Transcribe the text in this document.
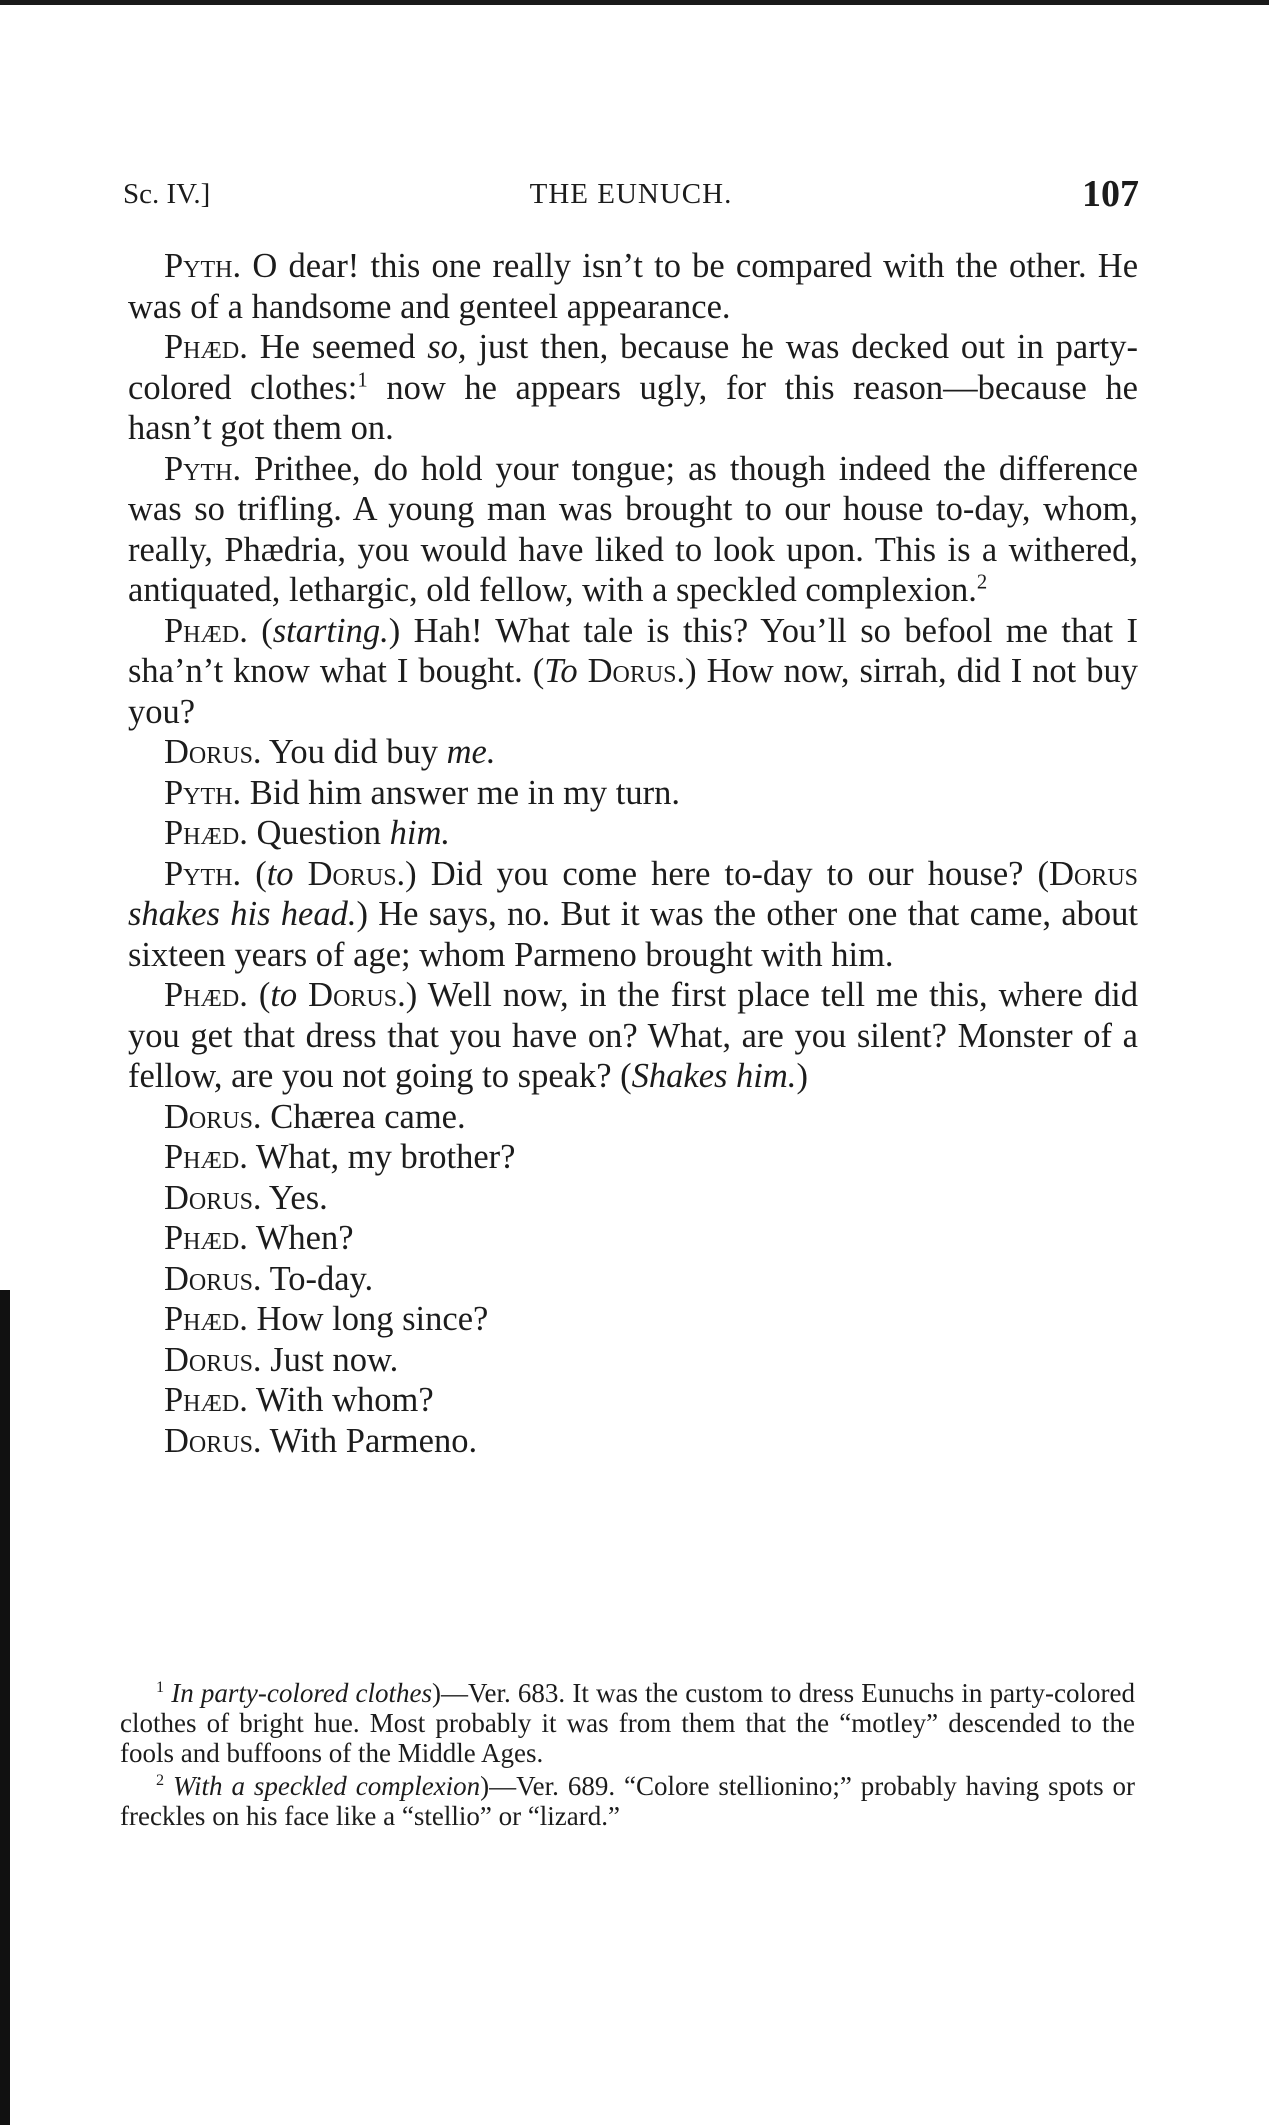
Sc. IV.]	THE EUNUCH.	107
Pyth. O dear! this one really isn’t to be compared with the other. He was of a handsome and genteel appearance.
Phæd. He seemed so, just then, because he was decked out in party-colored clothes:$^1$ now he appears ugly, for this reason—because he hasn’t got them on.
Pyth. Prithee, do hold your tongue; as though indeed the difference was so trifling. A young man was brought to our house to-day, whom, really, Phædria, you would have liked to look upon. This is a withered, antiquated, lethargic, old fellow, with a speckled complexion.$^2$
Phæd. (starting.) Hah! What tale is this? You’ll so befool me that I sha’n’t know what I bought. (To Dorus.) How now, sirrah, did I not buy you?
Dorus. You did buy me.
Pyth. Bid him answer me in my turn.
Phæd. Question him.
Pyth. (to Dorus.) Did you come here to-day to our house? (Dorus shakes his head.) He says, no. But it was the other one that came, about sixteen years of age; whom Parmeno brought with him.
Phæd. (to Dorus.) Well now, in the first place tell me this, where did you get that dress that you have on? What, are you silent? Monster of a fellow, are you not going to speak? (Shakes him.)
Dorus. Chærea came.
Phæd. What, my brother?
Dorus. Yes.
Phæd. When?
Dorus. To-day.
Phæd. How long since?
Dorus. Just now.
Phæd. With whom?
Dorus. With Parmeno.
$^1$ In party-colored clothes)—Ver. 683. It was the custom to dress Eunuchs in party-colored clothes of bright hue. Most probably it was from them that the “motley” descended to the fools and buffoons of the Middle Ages.
$^2$ With a speckled complexion)—Ver. 689. “Colore stellionino;” probably having spots or freckles on his face like a “stellio” or “lizard.”
